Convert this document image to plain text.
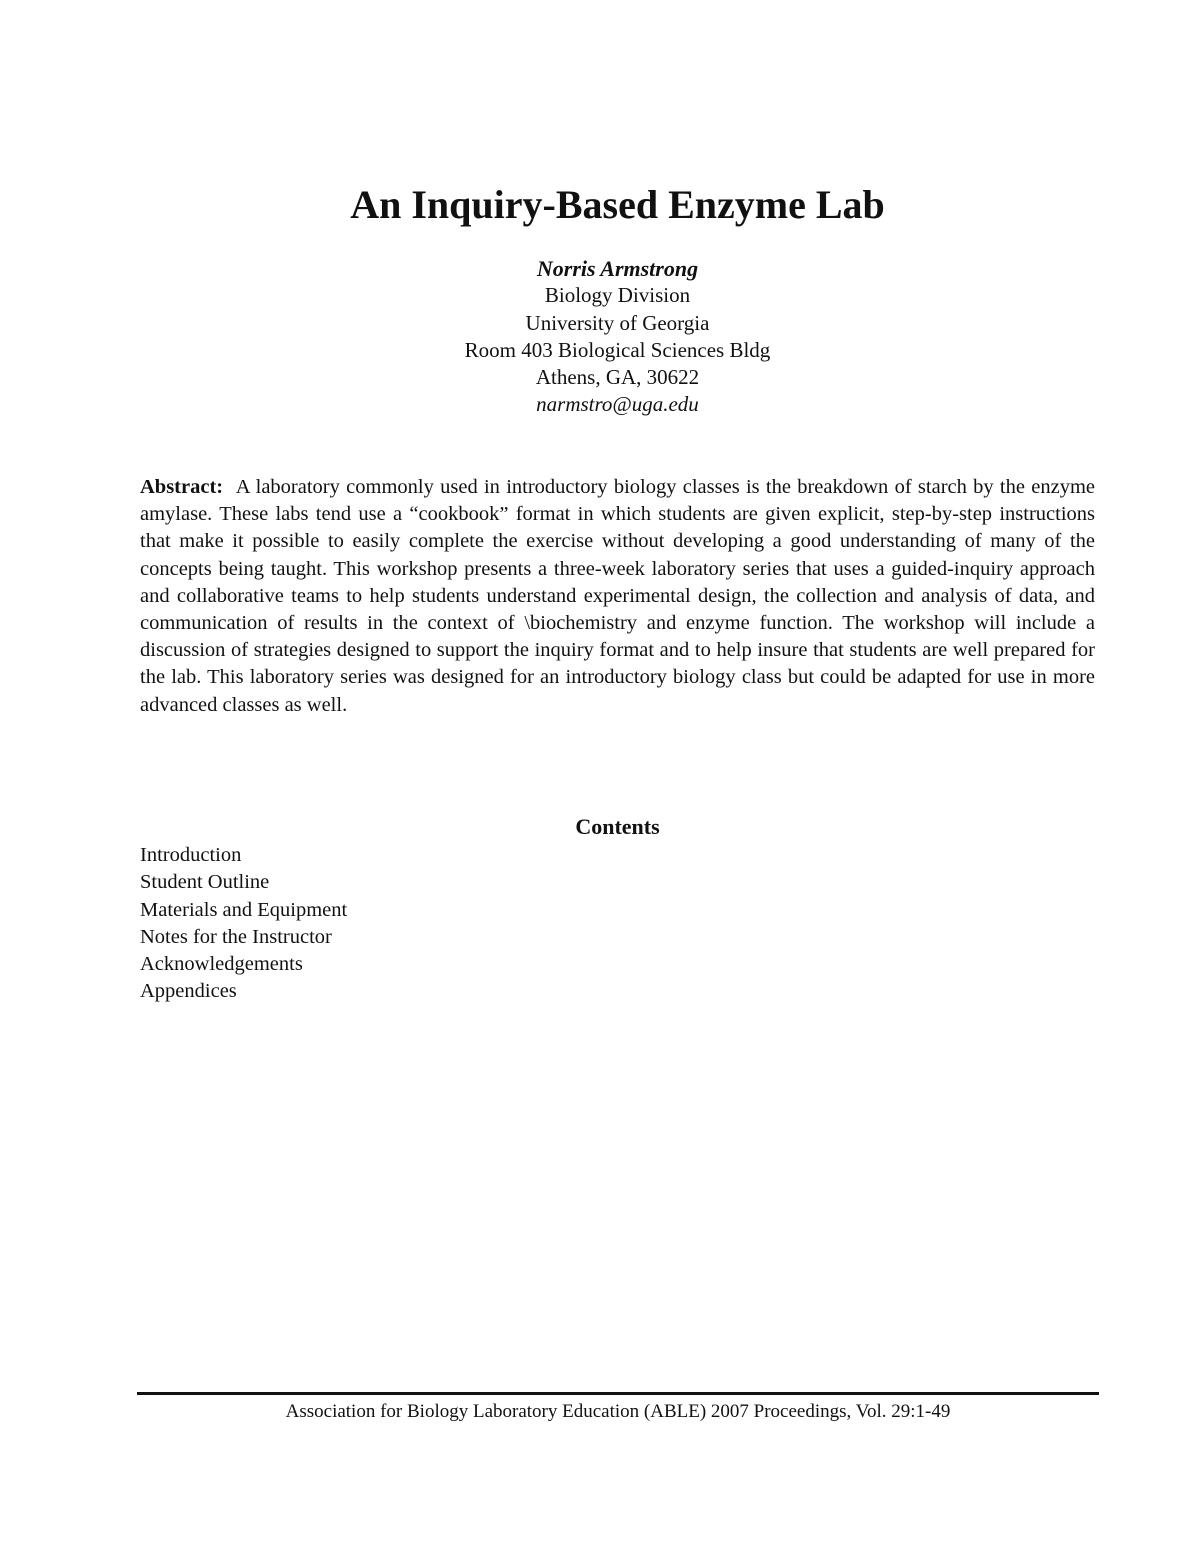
An Inquiry-Based Enzyme Lab
Norris Armstrong
Biology Division
University of Georgia
Room 403 Biological Sciences Bldg
Athens, GA, 30622
narmstro@uga.edu

Abstract: A laboratory commonly used in introductory biology classes is the breakdown of starch by the enzyme amylase. These labs tend use a “cookbook” format in which students are given explicit, step-by-step instructions that make it possible to easily complete the exercise without developing a good understanding of many of the concepts being taught. This workshop presents a three-week laboratory series that uses a guided-inquiry approach and collaborative teams to help students understand experimental design, the collection and analysis of data, and communication of results in the context of \biochemistry and enzyme function. The workshop will include a discussion of strategies designed to support the inquiry format and to help insure that students are well prepared for the lab. This laboratory series was designed for an introductory biology class but could be adapted for use in more advanced classes as well.

Contents
Introduction
Student Outline
Materials and Equipment
Notes for the Instructor
Acknowledgements
Appendices

Association for Biology Laboratory Education (ABLE) 2007 Proceedings, Vol. 29:1-49
